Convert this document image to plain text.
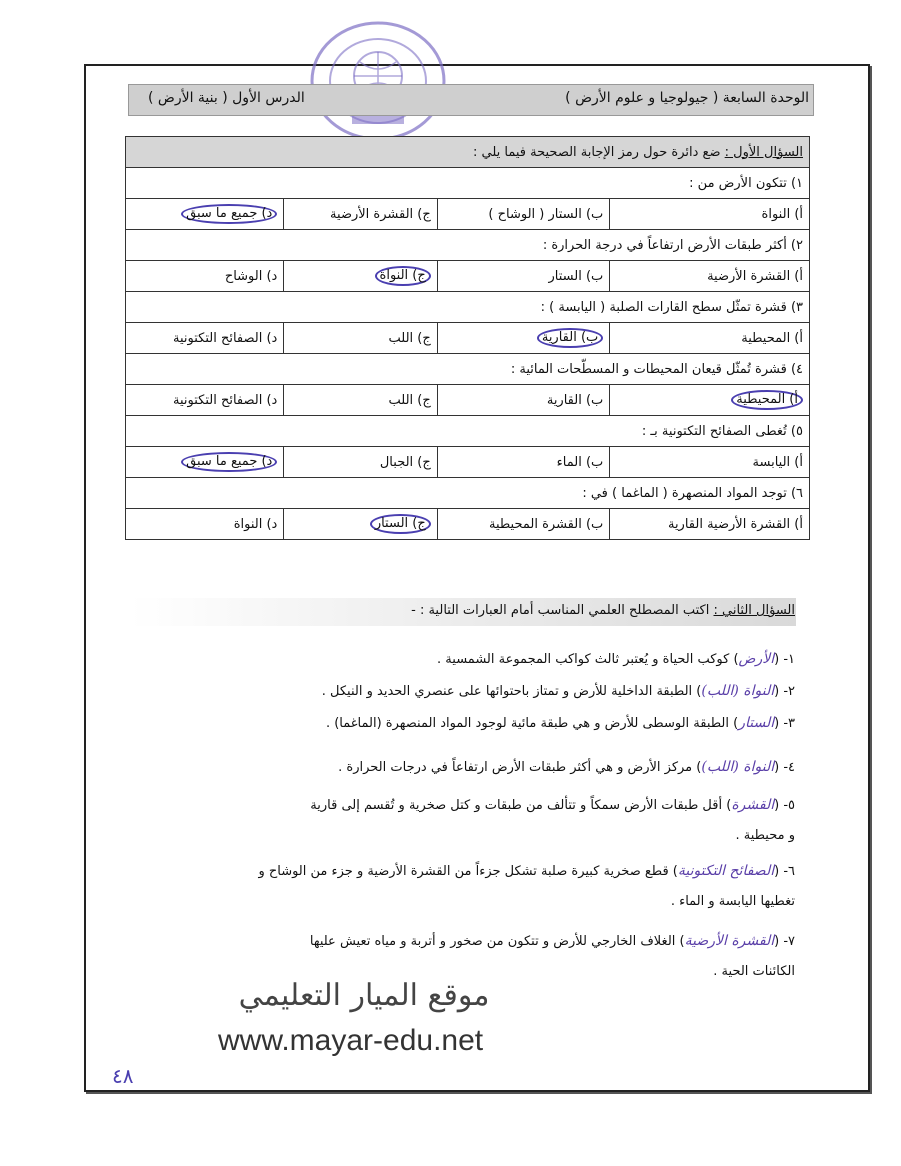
الوحدة السابعة ( جيولوجيا و علوم الأرض )
الدرس الأول ( بنية الأرض )
السؤال الأول : ضع دائرة حول رمز الإجابة الصحيحة فيما يلي :			
١) تتكون الأرض من :			
أ) النواة	ب) الستار ( الوشاح )	ج) القشرة الأرضية	د) جميع ما سبق
٢) أكثر طبقات الأرض ارتفاعاً في درجة الحرارة :			
أ) القشرة الأرضية	ب) الستار	ج) النواة	د) الوشاح
٣) قشرة تمثّل سطح القارات الصلبة ( اليابسة ) :			
أ) المحيطية	ب) القارية	ج) اللب	د) الصفائح التكتونية
٤) قشرة تُمثّل قيعان المحيطات و المسطّحات المائية :			
أ) المحيطية	ب) القارية	ج) اللب	د) الصفائح التكتونية
٥) تُغطى الصفائح التكتونية بـ :			
أ) اليابسة	ب) الماء	ج) الجبال	د) جميع ما سبق
٦) توجد المواد المنصهرة ( الماغما ) في :			
أ) القشرة الأرضية القارية	ب) القشرة المحيطية	ج) الستار	د) النواة
السؤال الثاني : اكتب المصطلح العلمي المناسب أمام العبارات التالية : -
١- (الأرض) كوكب الحياة و يُعتبر ثالث كواكب المجموعة الشمسية .
٢- (النواة (اللب)) الطبقة الداخلية للأرض و تمتاز باحتوائها على عنصري الحديد و النيكل .
٣- (الستار) الطبقة الوسطى للأرض و هي طبقة مائية لوجود المواد المنصهرة (الماغما) .
٤- (النواة (اللب)) مركز الأرض و هي أكثر طبقات الأرض ارتفاعاً في درجات الحرارة .
٥- (القشرة) أقل طبقات الأرض سمكاً و تتألف من طبقات و كتل صخرية و تُقسم إلى قارية
و محيطية .
٦- (الصفائح التكتونية) قطع صخرية كبيرة صلبة تشكل جزءاً من القشرة الأرضية و جزء من الوشاح و
تغطيها اليابسة و الماء .
٧- (القشرة الأرضية) الغلاف الخارجي للأرض و تتكون من صخور و أتربة و مياه تعيش عليها
الكائنات الحية .
موقع الميار التعليمي
www.mayar-edu.net
٤٨
